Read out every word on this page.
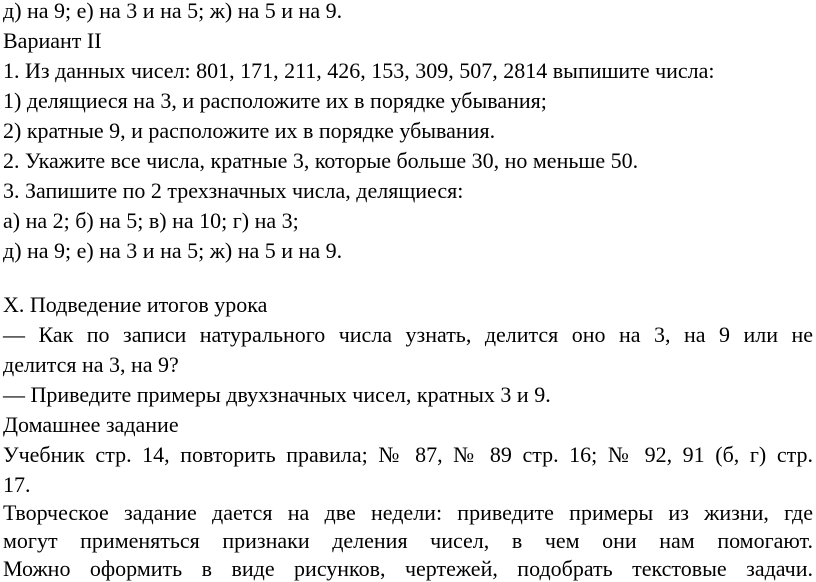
д) на 9; е) на 3 и на 5; ж) на 5 и на 9.
Вариант II
1. Из данных чисел: 801, 171, 211, 426, 153, 309, 507, 2814 выпишите числа:
1) делящиеся на 3, и расположите их в порядке убывания;
2) кратные 9, и расположите их в порядке убывания.
2. Укажите все числа, кратные 3, которые больше 30, но меньше 50.
3. Запишите по 2 трехзначных числа, делящиеся:
а) на 2; б) на 5; в) на 10; г) на 3;
д) на 9; е) на 3 и на 5; ж) на 5 и на 9.
X. Подведение итогов урока
— Как по записи натурального числа узнать, делится оно на 3, на 9 или не
делится на 3, на 9?
— Приведите примеры двухзначных чисел, кратных 3 и 9.
Домашнее задание
Учебник стр. 14, повторить правила; № 87, № 89 стр. 16; № 92, 91 (б, г) стр.
17.
Творческое задание дается на две недели: приведите примеры из жизни, где
могут применяться признаки деления чисел, в чем они нам помогают.
Можно оформить в виде рисунков, чертежей, подобрать текстовые задачи.
